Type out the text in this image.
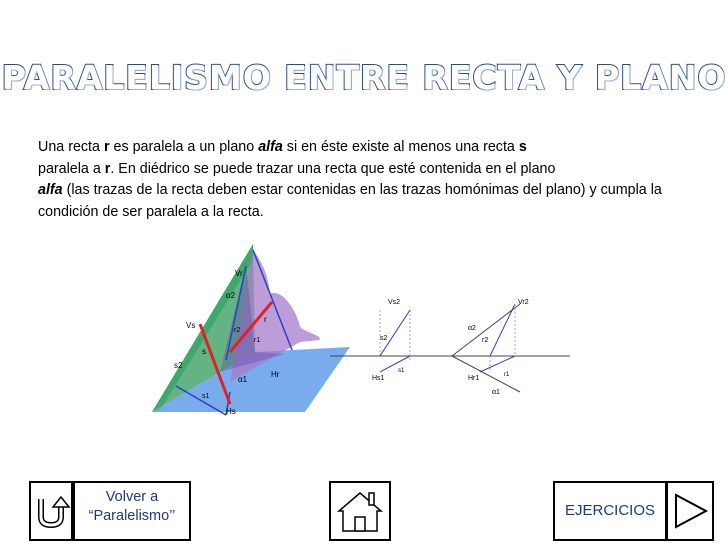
PARALELISMO ENTRE RECTA Y PLANO
Una recta r es paralela a un plano alfa si en éste existe al menos una recta s
paralela a r. En diédrico se puede trazar una recta que esté contenida en el plano
alfa (las trazas de la recta deben estar contenidas en las trazas homónimas del plano) y cumpla la condición de ser paralela a la recta.
Vr
α2
Vs
r
r2
r1
s
s2
Hr
α1
s1
Hs
Vs2	Vr2
α2
s2	r2
Hs1
s1
Hr1	r1
α1
Volver a
“Paralelismo’’	EJERCICIOS
